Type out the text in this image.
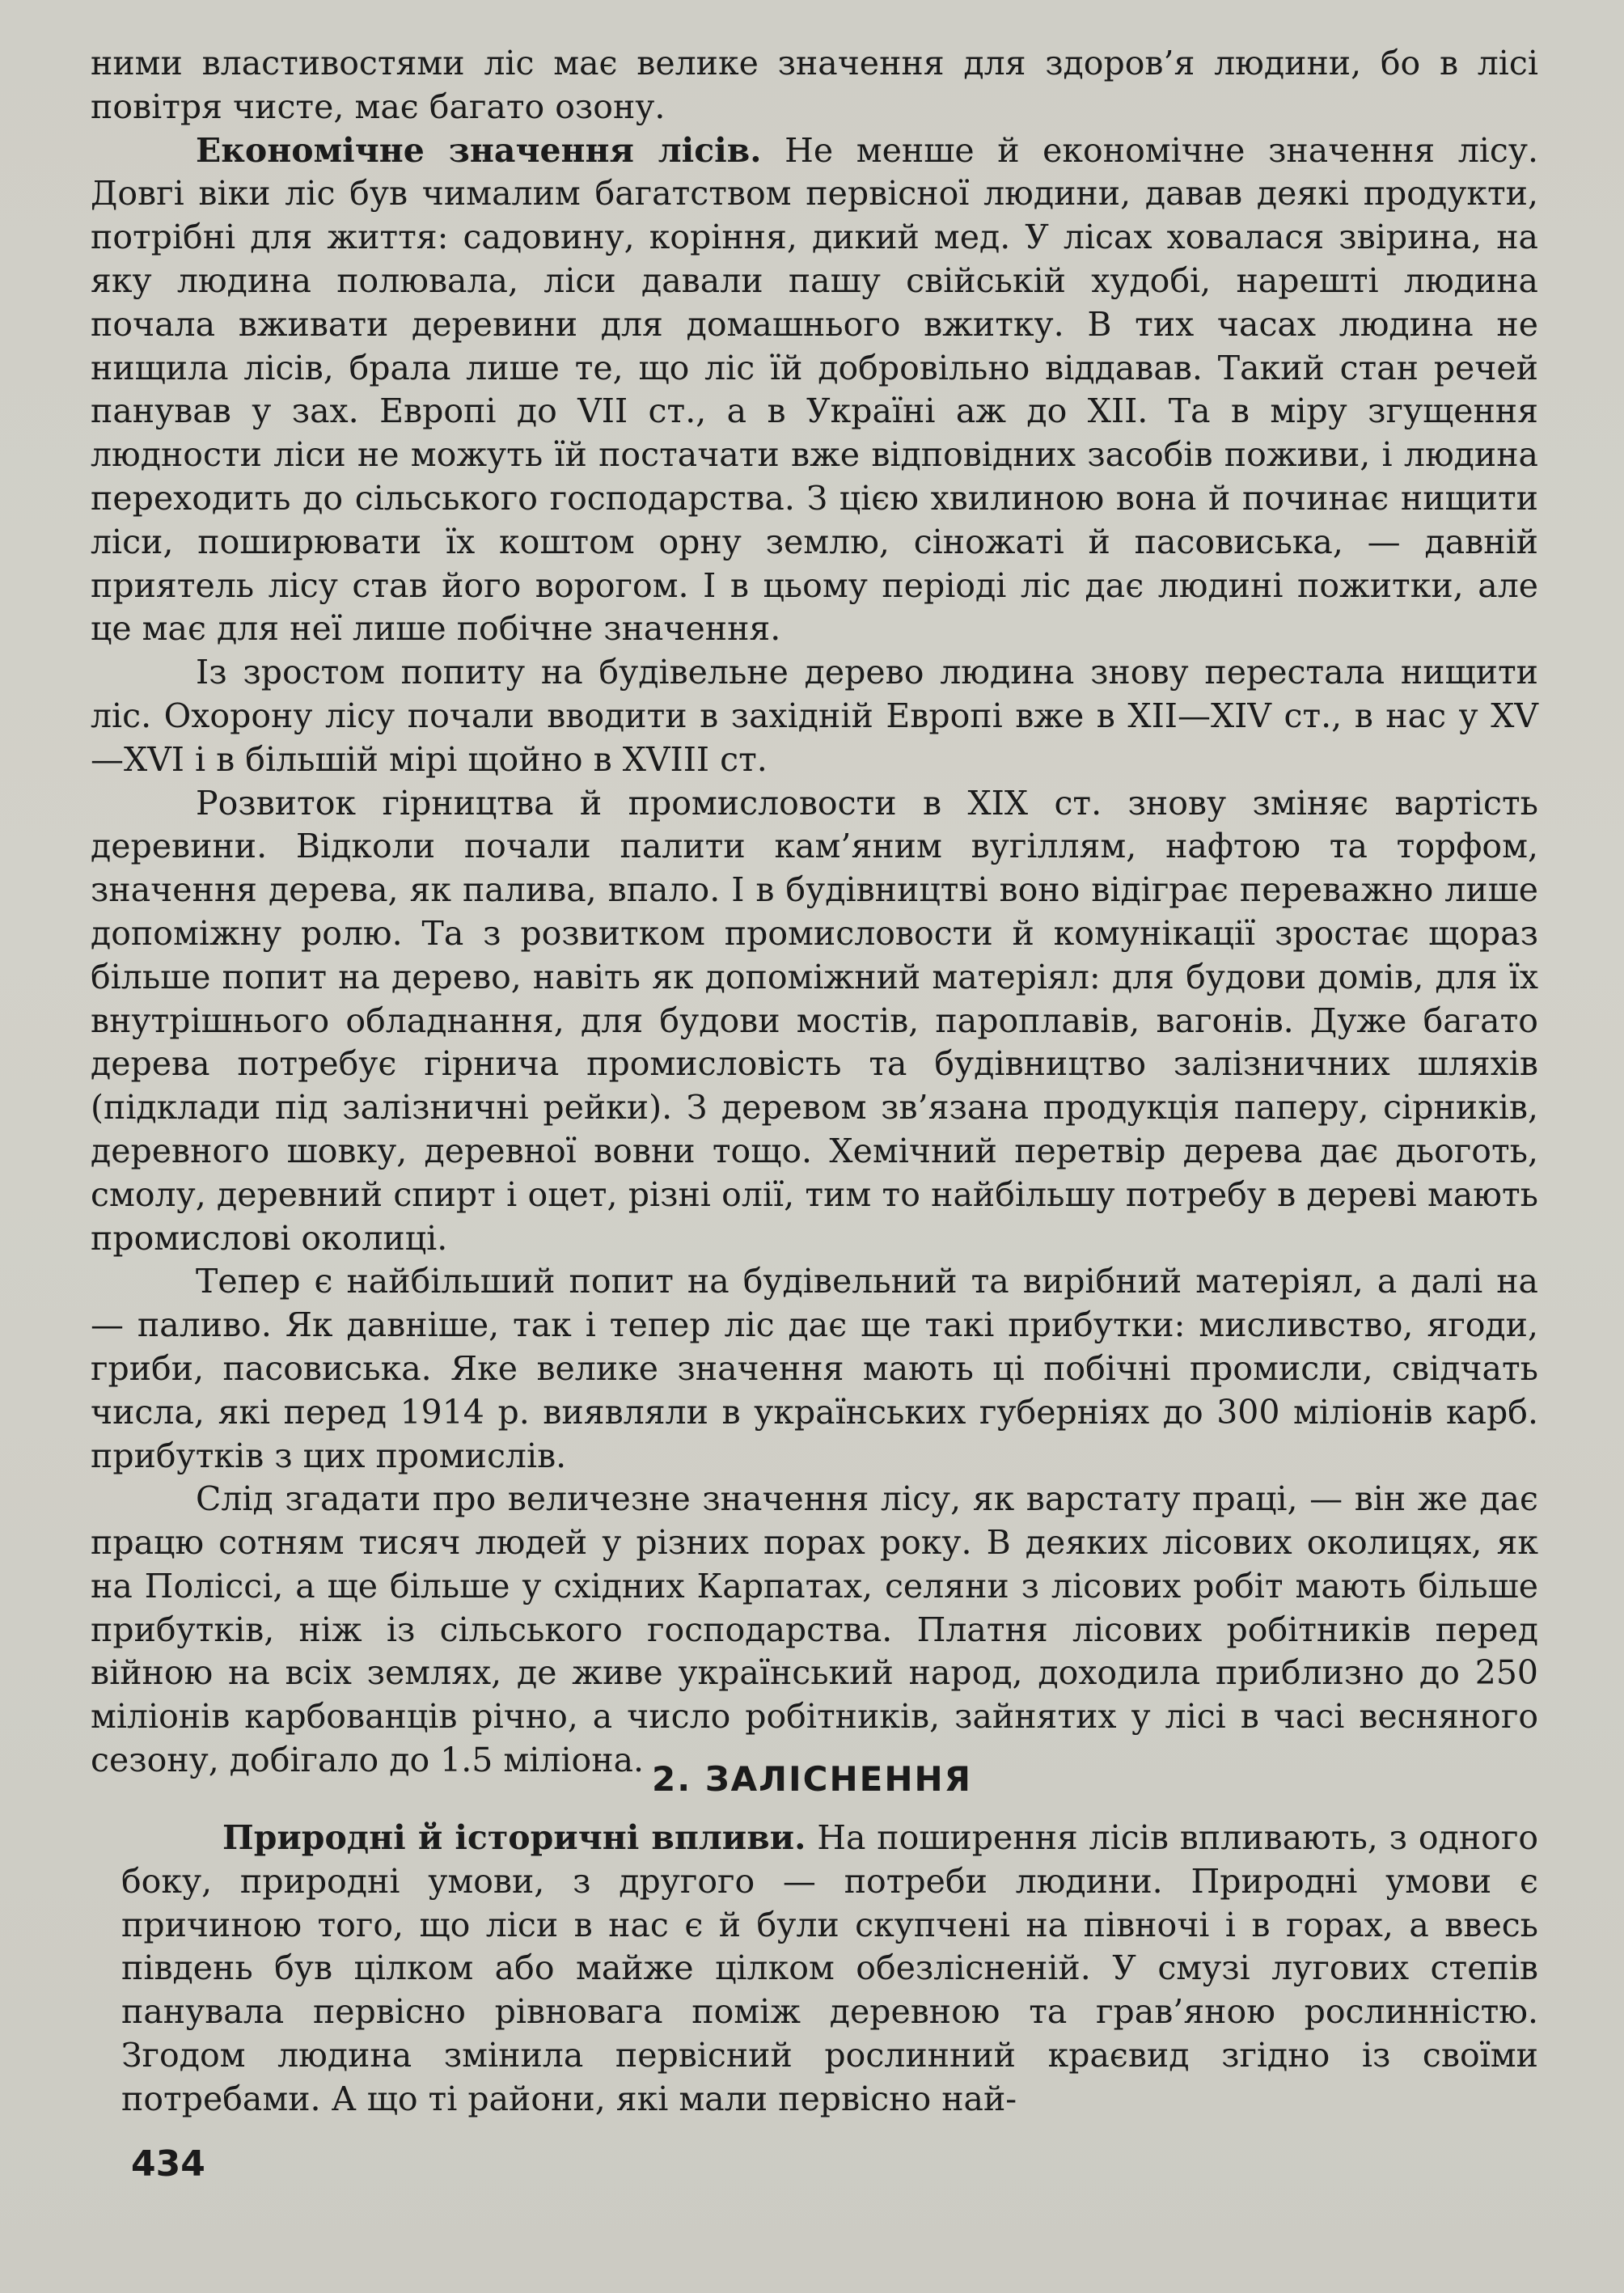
ними властивостями ліс має велике значення для здоров’я людини, бо в лісі повітря чисте, має багато озону.

Економічне значення лісів. Не менше й економічне значення лісу. Довгі віки ліс був чималим багатством первісної людини, давав деякі продукти, потрібні для життя: садовину, коріння, дикий мед. У лісах ховалася звірина, на яку людина полювала, ліси давали пашу свійській худобі, нарешті людина почала вживати деревини для домашнього вжитку. В тих часах людина не нищила лісів, брала лише те, що ліс їй добровільно віддавав. Такий стан речей панував у зах. Европі до VII ст., а в Україні аж до XII. Та в міру згущення людности ліси не можуть їй постачати вже відповідних засобів поживи, і людина переходить до сільського господарства. З цією хвилиною вона й починає нищити ліси, поширювати їх коштом орну землю, сіножаті й пасовиська, — давній приятель лісу став його ворогом. І в цьому періоді ліс дає людині пожитки, але це має для неї лише побічне значення.

Із зростом попиту на будівельне дерево людина знову перестала нищити ліс. Охорону лісу почали вводити в західній Европі вже в XII—XIV ст., в нас у XV—XVI і в більшій мірі щойно в XVIII ст.

Розвиток гірництва й промисловости в XIX ст. знову зміняє вартість деревини. Відколи почали палити кам’яним вугіллям, нафтою та торфом, значення дерева, як палива, впало. І в будівництві воно відіграє переважно лише допоміжну ролю. Та з розвитком промисловости й комунікації зростає щораз більше попит на дерево, навіть як допоміжний матеріял: для будови домів, для їх внутрішнього обладнання, для будови мостів, пароплавів, вагонів. Дуже багато дерева потребує гірнича промисловість та будівництво залізничних шляхів (підклади під залізничні рейки). З деревом зв’язана продукція паперу, сірників, деревного шовку, деревної вовни тощо. Хемічний перетвір дерева дає дьоготь, смолу, деревний спирт і оцет, різні олії, тим то найбільшу потребу в дереві мають промислові околиці.

Тепер є найбільший попит на будівельний та вирібний матеріял, а далі на — паливо. Як давніше, так і тепер ліс дає ще такі прибутки: мисливство, ягоди, гриби, пасовиська. Яке велике значення мають ці побічні промисли, свідчать числа, які перед 1914 р. виявляли в українських губерніях до 300 міліонів карб. прибутків з цих промислів.

Слід згадати про величезне значення лісу, як варстату праці, — він же дає працю сотням тисяч людей у різних порах року. В деяких лісових околицях, як на Поліссі, а ще більше у східних Карпатах, селяни з лісових робіт мають більше прибутків, ніж із сільського господарства. Платня лісових робітників перед війною на всіх землях, де живе український народ, доходила приблизно до 250 міліонів карбованців річно, а число робітників, зайнятих у лісі в часі весняного сезону, добігало до 1.5 міліона. 2. ЗАЛІСНЕННЯ

Природні й історичні впливи. На поширення лісів впливають, з одного боку, природні умови, з другого — потреби людини. Природні умови є причиною того, що ліси в нас є й були скупчені на півночі і в горах, а ввесь південь був цілком або майже цілком обезлісненій. У смузі лугових степів панувала первісно рівновага поміж деревною та грав’яною рослинністю. Згодом людина змінила первісний рослинний краєвид згідно із своїми потребами. А що ті райони, які мали первісно най-

434
